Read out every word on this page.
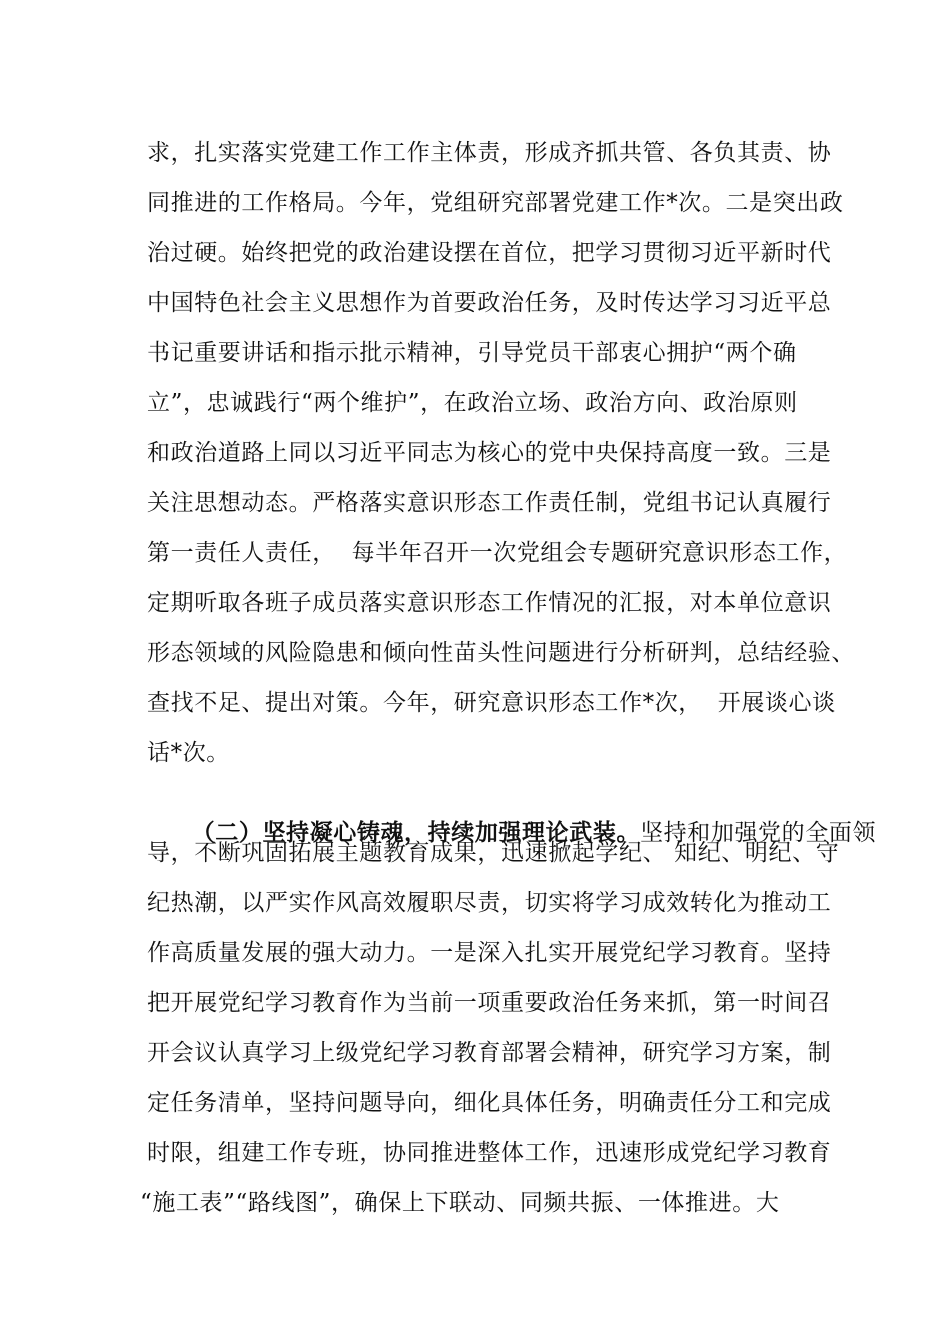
求，扎实落实党建工作工作主体责，形成齐抓共管、各负其责、协
同推进的工作格局。今年，党组研究部署党建工作*次。二是突出政
治过硬。始终把党的政治建设摆在首位，把学习贯彻习近平新时代
中国特色社会主义思想作为首要政治任务，及时传达学习习近平总
书记重要讲话和指示批示精神，引导党员干部衷心拥护“两个确
立”，忠诚践行“两个维护”，在政治立场、政治方向、政治原则
和政治道路上同以习近平同志为核心的党中央保持高度一致。三是
关注思想动态。严格落实意识形态工作责任制，党组书记认真履行
第一责任人责任，  每半年召开一次党组会专题研究意识形态工作，
定期听取各班子成员落实意识形态工作情况的汇报，对本单位意识
形态领域的风险隐患和倾向性苗头性问题进行分析研判，总结经验、
查找不足、提出对策。今年，研究意识形态工作*次，  开展谈心谈
话*次。

（二）坚持凝心铸魂，持续加强理论武装。坚持和加强党的全面领

导，不断巩固拓展主题教育成果，迅速掀起学纪、 知纪、明纪、守
纪热潮，以严实作风高效履职尽责，切实将学习成效转化为推动工
作高质量发展的强大动力。一是深入扎实开展党纪学习教育。坚持
把开展党纪学习教育作为当前一项重要政治任务来抓，第一时间召
开会议认真学习上级党纪学习教育部署会精神，研究学习方案，制
定任务清单，坚持问题导向，细化具体任务，明确责任分工和完成
时限，组建工作专班，协同推进整体工作，迅速形成党纪学习教育
“施工表”“路线图”，确保上下联动、同频共振、一体推进。大
